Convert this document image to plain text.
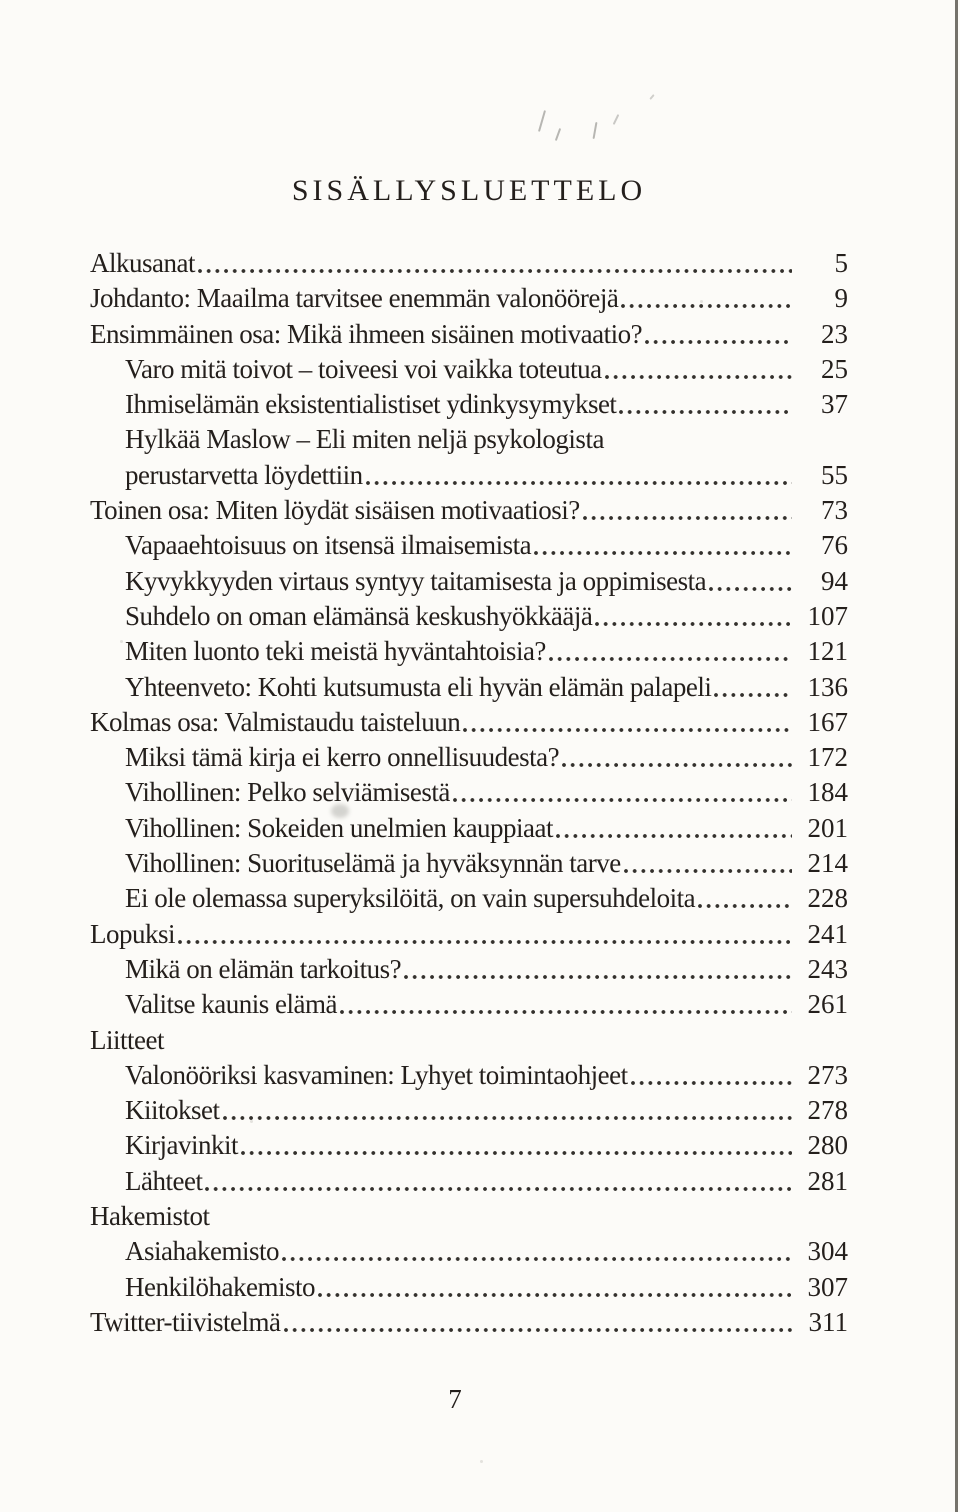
SISÄLLYSLUETTELO
Alkusanat	5
Johdanto: Maailma tarvitsee enemmän valonöörejä	9
Ensimmäinen osa: Mikä ihmeen sisäinen motivaatio?	23
Varo mitä toivot – toiveesi voi vaikka toteutua	25
Ihmiselämän eksistentialistiset ydinkysymykset	37
Hylkää Maslow – Eli miten neljä psykologista
perustarvetta löydettiin	55
Toinen osa: Miten löydät sisäisen motivaatiosi?	73
Vapaaehtoisuus on itsensä ilmaisemista	76
Kyvykkyyden virtaus syntyy taitamisesta ja oppimisesta	94
Suhdelo on oman elämänsä keskushyökkääjä	107
Miten luonto teki meistä hyväntahtoisia?	121
Yhteenveto: Kohti kutsumusta eli hyvän elämän palapeli	136
Kolmas osa: Valmistaudu taisteluun	167
Miksi tämä kirja ei kerro onnellisuudesta?	172
Vihollinen: Pelko selviämisestä	184
Vihollinen: Sokeiden unelmien kauppiaat	201
Vihollinen: Suorituselämä ja hyväksynnän tarve	214
Ei ole olemassa superyksilöitä, on vain supersuhdeloita	228
Lopuksi	241
Mikä on elämän tarkoitus?	243
Valitse kaunis elämä	261
Liitteet
Valonööriksi kasvaminen: Lyhyet toimintaohjeet	273
Kiitokset	278
Kirjavinkit	280
Lähteet	281
Hakemistot
Asiahakemisto	304
Henkilöhakemisto	307
Twitter-tiivistelmä	311
7
